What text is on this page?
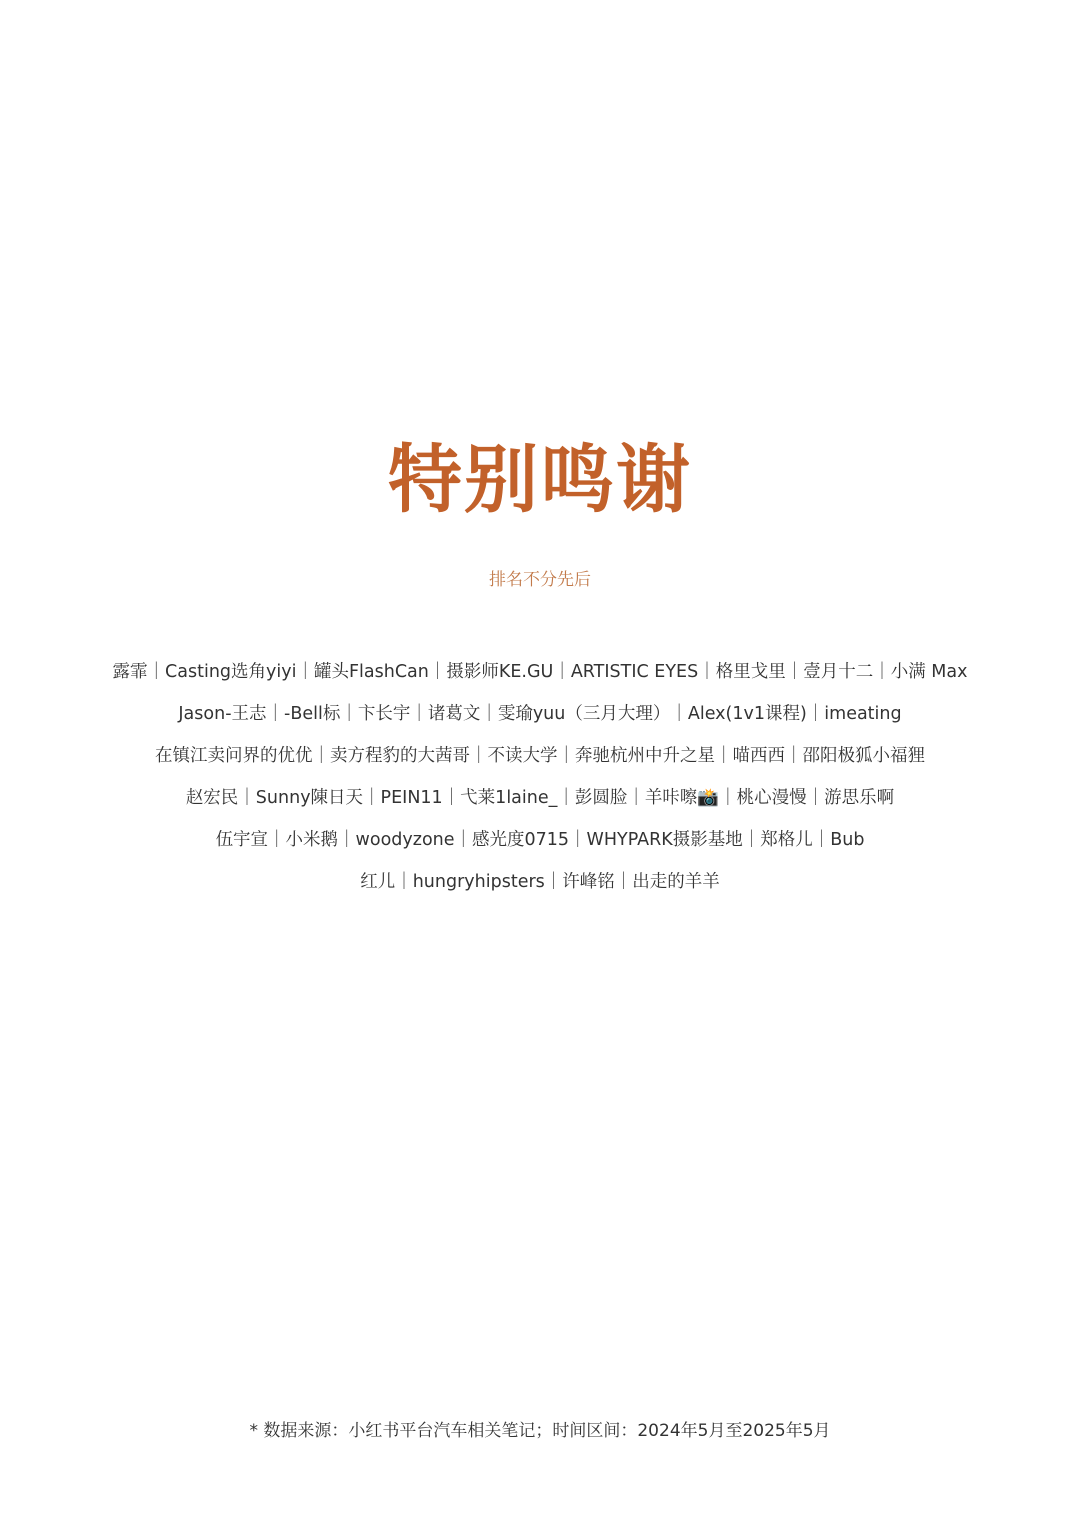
特别鸣谢
排名不分先后
露霏｜Casting选角yiyi｜罐头FlashCan｜摄影师KE.GU｜ARTISTIC EYES｜格里戈里｜壹月十二｜小满 Max
Jason-王志｜-Bell标｜卞长宇｜诸葛文｜雯瑜yuu（三月大理）｜Alex(1v1课程)｜imeating
在镇江卖问界的优优｜卖方程豹的大茜哥｜不读大学｜奔驰杭州中升之星｜喵西西｜邵阳极狐小福狸
赵宏民｜Sunny陳日天｜PEIN11｜弋莱1laine_｜彭圆脸｜羊咔嚓📸｜桃心漫慢｜游思乐啊
伍宇宣｜小米鹅｜woodyzone｜感光度0715｜WHYPARK摄影基地｜郑格儿｜Bub
红儿｜hungryhipsters｜许峰铭｜出走的羊羊
* 数据来源：小红书平台汽车相关笔记；时间区间：2024年5月至2025年5月
